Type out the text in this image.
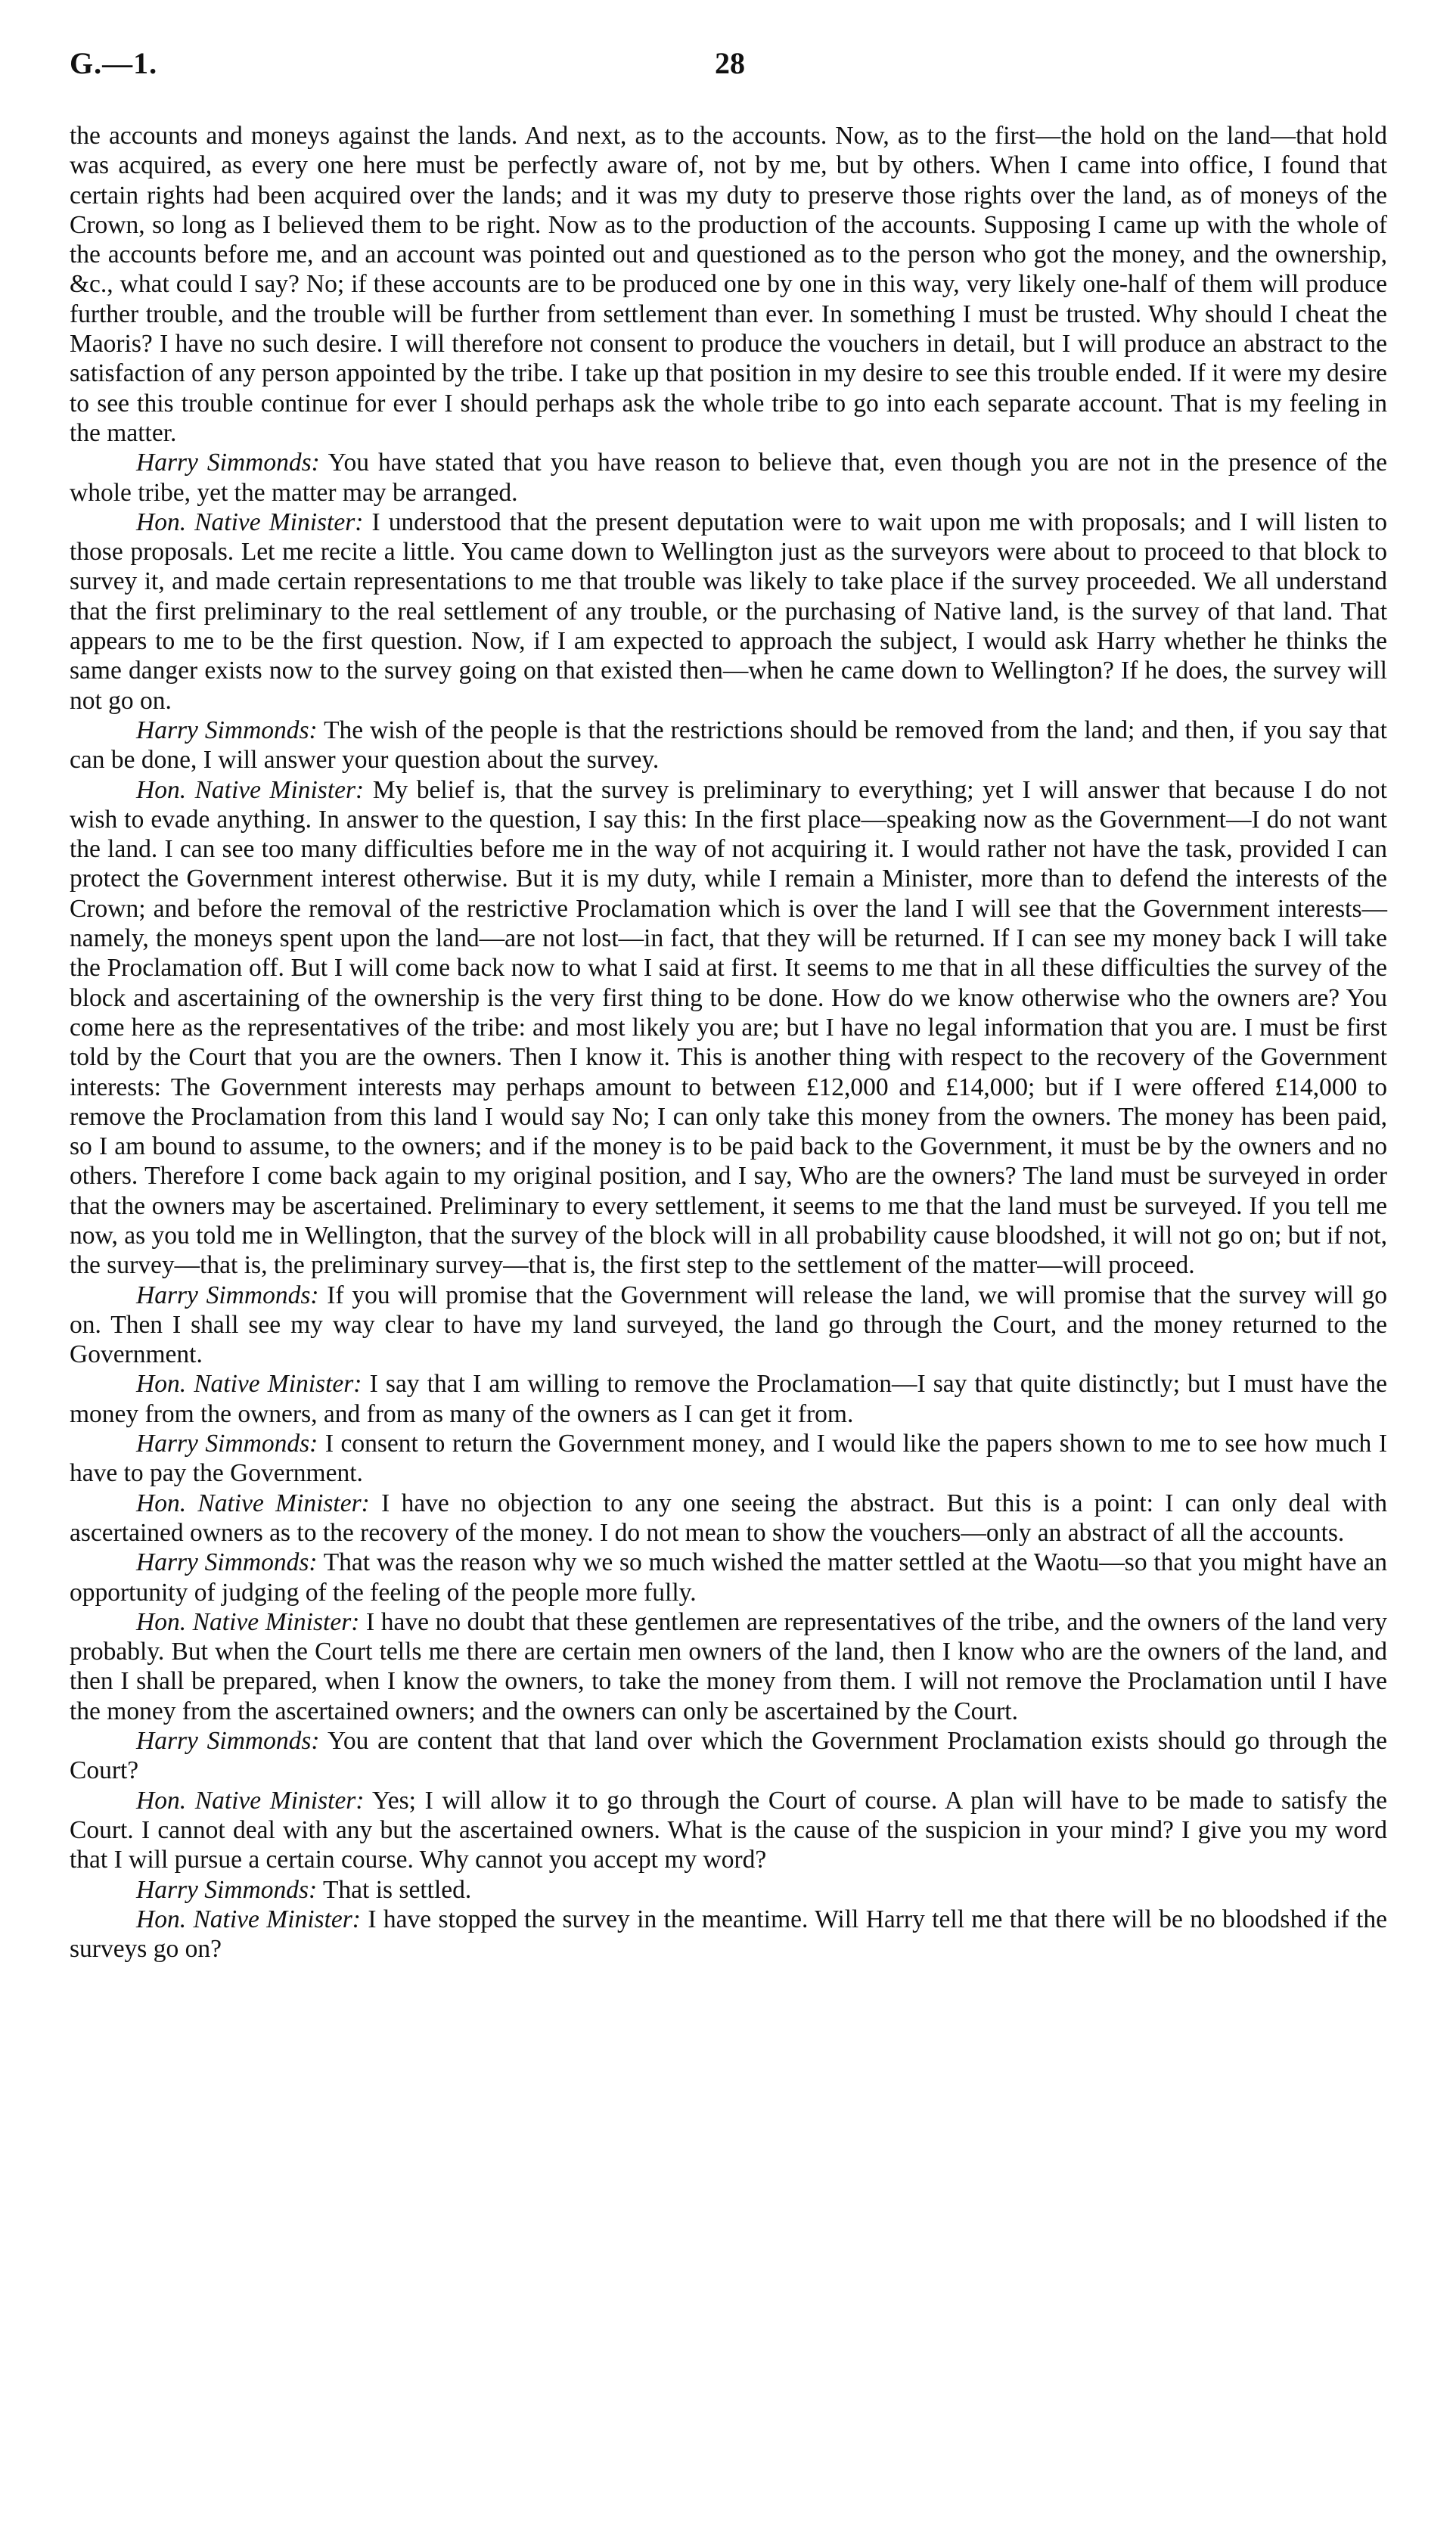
G.—1.	28

the accounts and moneys against the lands. And next, as to the accounts. Now, as to the first—the hold on the land—that hold was acquired, as every one here must be perfectly aware of, not by me, but by others. When I came into office, I found that certain rights had been acquired over the lands; and it was my duty to preserve those rights over the land, as of moneys of the Crown, so long as I believed them to be right. Now as to the production of the accounts. Supposing I came up with the whole of the accounts before me, and an account was pointed out and questioned as to the person who got the money, and the ownership, &c., what could I say? No; if these accounts are to be produced one by one in this way, very likely one-half of them will produce further trouble, and the trouble will be further from settlement than ever. In something I must be trusted. Why should I cheat the Maoris? I have no such desire. I will therefore not consent to produce the vouchers in detail, but I will produce an abstract to the satisfaction of any person appointed by the tribe. I take up that position in my desire to see this trouble ended. If it were my desire to see this trouble continue for ever I should perhaps ask the whole tribe to go into each separate account. That is my feeling in the matter.

Harry Simmonds: You have stated that you have reason to believe that, even though you are not in the presence of the whole tribe, yet the matter may be arranged.

Hon. Native Minister: I understood that the present deputation were to wait upon me with proposals; and I will listen to those proposals. Let me recite a little. You came down to Wellington just as the surveyors were about to proceed to that block to survey it, and made certain representations to me that trouble was likely to take place if the survey proceeded. We all understand that the first preliminary to the real settlement of any trouble, or the purchasing of Native land, is the survey of that land. That appears to me to be the first question. Now, if I am expected to approach the subject, I would ask Harry whether he thinks the same danger exists now to the survey going on that existed then—when he came down to Wellington? If he does, the survey will not go on.

Harry Simmonds: The wish of the people is that the restrictions should be removed from the land; and then, if you say that can be done, I will answer your question about the survey.

Hon. Native Minister: My belief is, that the survey is preliminary to everything; yet I will answer that because I do not wish to evade anything. In answer to the question, I say this: In the first place—speaking now as the Government—I do not want the land. I can see too many difficulties before me in the way of not acquiring it. I would rather not have the task, provided I can protect the Government interest otherwise. But it is my duty, while I remain a Minister, more than to defend the interests of the Crown; and before the removal of the restrictive Proclamation which is over the land I will see that the Government interests—namely, the moneys spent upon the land—are not lost—in fact, that they will be returned. If I can see my money back I will take the Proclamation off. But I will come back now to what I said at first. It seems to me that in all these difficulties the survey of the block and ascertaining of the ownership is the very first thing to be done. How do we know otherwise who the owners are? You come here as the representatives of the tribe: and most likely you are; but I have no legal information that you are. I must be first told by the Court that you are the owners. Then I know it. This is another thing with respect to the recovery of the Government interests: The Government interests may perhaps amount to between £12,000 and £14,000; but if I were offered £14,000 to remove the Proclamation from this land I would say No; I can only take this money from the owners. The money has been paid, so I am bound to assume, to the owners; and if the money is to be paid back to the Government, it must be by the owners and no others. Therefore I come back again to my original position, and I say, Who are the owners? The land must be surveyed in order that the owners may be ascertained. Preliminary to every settlement, it seems to me that the land must be surveyed. If you tell me now, as you told me in Wellington, that the survey of the block will in all probability cause bloodshed, it will not go on; but if not, the survey—that is, the preliminary survey—that is, the first step to the settlement of the matter—will proceed.

Harry Simmonds: If you will promise that the Government will release the land, we will promise that the survey will go on. Then I shall see my way clear to have my land surveyed, the land go through the Court, and the money returned to the Government.

Hon. Native Minister: I say that I am willing to remove the Proclamation—I say that quite distinctly; but I must have the money from the owners, and from as many of the owners as I can get it from.

Harry Simmonds: I consent to return the Government money, and I would like the papers shown to me to see how much I have to pay the Government.

Hon. Native Minister: I have no objection to any one seeing the abstract. But this is a point: I can only deal with ascertained owners as to the recovery of the money. I do not mean to show the vouchers—only an abstract of all the accounts.

Harry Simmonds: That was the reason why we so much wished the matter settled at the Waotu—so that you might have an opportunity of judging of the feeling of the people more fully.

Hon. Native Minister: I have no doubt that these gentlemen are representatives of the tribe, and the owners of the land very probably. But when the Court tells me there are certain men owners of the land, then I know who are the owners of the land, and then I shall be prepared, when I know the owners, to take the money from them. I will not remove the Proclamation until I have the money from the ascertained owners; and the owners can only be ascertained by the Court.

Harry Simmonds: You are content that that land over which the Government Proclamation exists should go through the Court?

Hon. Native Minister: Yes; I will allow it to go through the Court of course. A plan will have to be made to satisfy the Court. I cannot deal with any but the ascertained owners. What is the cause of the suspicion in your mind? I give you my word that I will pursue a certain course. Why cannot you accept my word?

Harry Simmonds: That is settled.

Hon. Native Minister: I have stopped the survey in the meantime. Will Harry tell me that there will be no bloodshed if the surveys go on?
